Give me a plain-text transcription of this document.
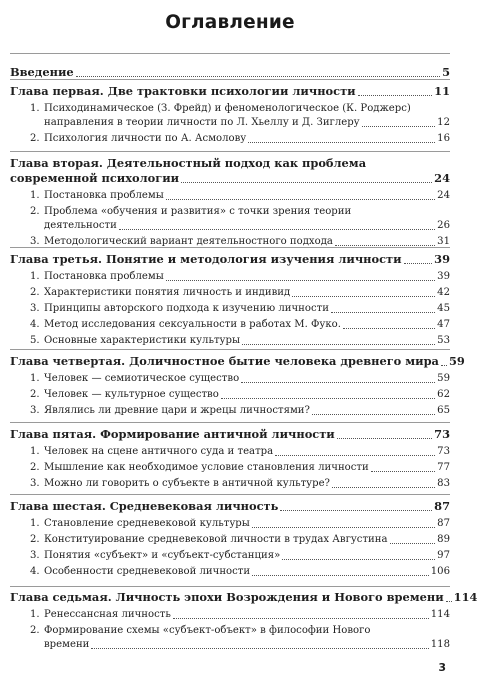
Оглавление
Введение	5
Глава первая. Две трактовки психологии личности	11
1. Психодинамическое (З. Фрейд) и феноменологическое (К. Роджерс)
направления в теории личности по Л. Хьеллу и Д. Зиглеру	12
2. Психология личности по А. Асмолову	16
Глава вторая. Деятельностный подход как проблема
современной психологии	24
1. Постановка проблемы	24
2. Проблема «обучения и развития» с точки зрения теории
деятельности	26
3. Методологический вариант деятельностного подхода	31
Глава третья. Понятие и методология изучения личности	39
1. Постановка проблемы	39
2. Характеристики понятия личность и индивид	42
3. Принципы авторского подхода к изучению личности	45
4. Метод исследования сексуальности в работах М. Фуко.	47
5. Основные характеристики культуры	53
Глава четвертая. Доличностное бытие человека древнего мира 59
1. Человек — семиотическое существо	59
2. Человек — культурное существо	62
3. Являлись ли древние цари и жрецы личностями?	65
Глава пятая. Формирование античной личности	73
1. Человек на сцене античного суда и театра	73
2. Мышление как необходимое условие становления личности	77
3. Можно ли говорить о субъекте в античной культуре?	83
Глава шестая. Средневековая личность	87
1. Становление средневековой культуры	87
2. Конституирование средневековой личности в трудах Августина	89
3. Понятия «субъект» и «субъект-субстанция»	97
4. Особенности средневековой личности	106
Глава седьмая. Личность эпохи Возрождения и Нового времени 114
1. Ренессансная личность	114
2. Формирование схемы «субъект-объект» в философии Нового
времени	118
3
